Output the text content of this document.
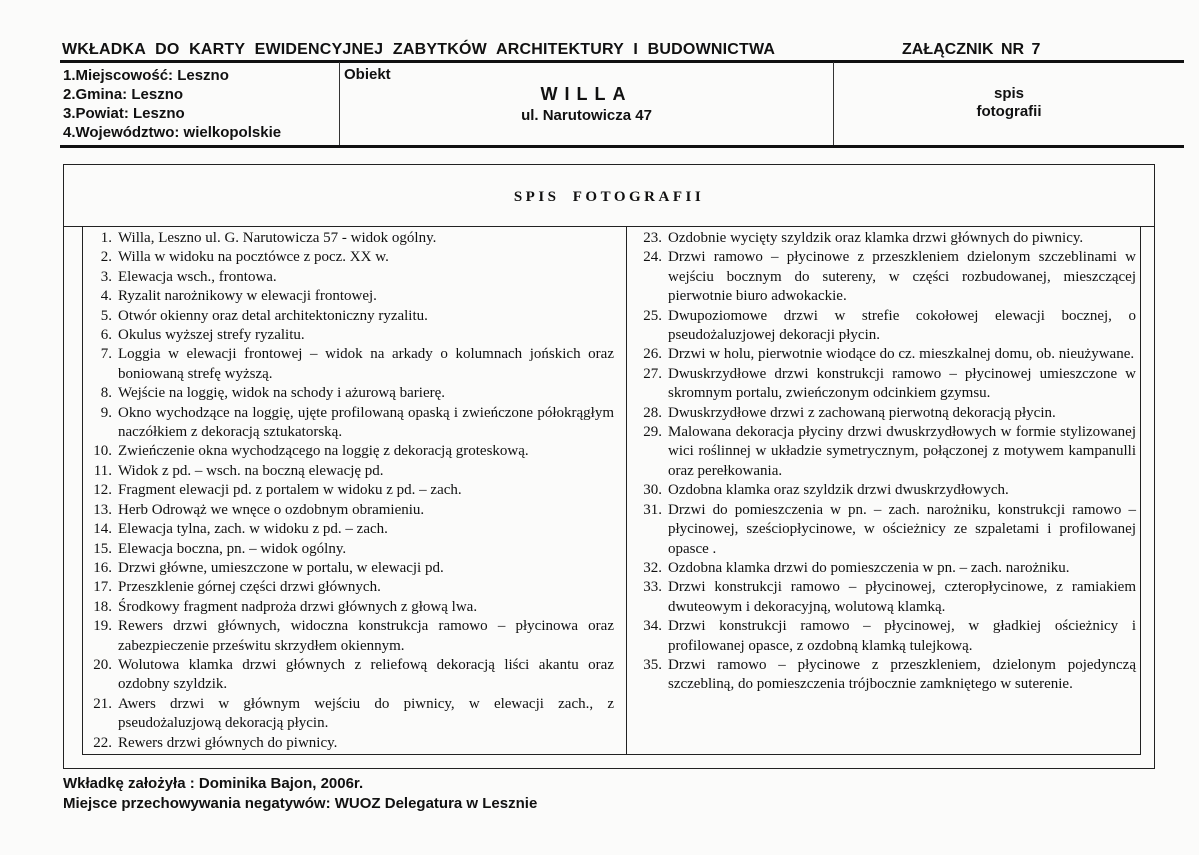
WKŁADKA DO KARTY EWIDENCYJNEJ ZABYTKÓW ARCHITEKTURY I BUDOWNICTWA	ZAŁĄCZNIK NR 7
1.Miejscowość: Leszno
2.Gmina: Leszno
3.Powiat: Leszno
4.Województwo: wielkopolskie
Obiekt
WILLA
ul. Narutowicza 47
spis
fotografii
SPIS FOTOGRAFII
1. Willa, Leszno ul. G. Narutowicza 57 - widok ogólny.
2. Willa w widoku na pocztówce z pocz. XX w.
3. Elewacja wsch., frontowa.
4. Ryzalit narożnikowy w elewacji frontowej.
5. Otwór okienny oraz detal architektoniczny ryzalitu.
6. Okulus wyższej strefy ryzalitu.
7. Loggia w elewacji frontowej – widok na arkady o kolumnach jońskich oraz boniowaną strefę wyższą.
8. Wejście na loggię, widok na schody i ażurową barierę.
9. Okno wychodzące na loggię, ujęte profilowaną opaską i zwieńczone półokrągłym naczółkiem z dekoracją sztukatorską.
10. Zwieńczenie okna wychodzącego na loggię z dekoracją groteskową.
11. Widok z pd. – wsch. na boczną elewację pd.
12. Fragment elewacji pd. z portalem w widoku z pd. – zach.
13. Herb Odrowąż we wnęce o ozdobnym obramieniu.
14. Elewacja tylna, zach. w widoku z pd. – zach.
15. Elewacja boczna, pn. – widok ogólny.
16. Drzwi główne, umieszczone w portalu, w elewacji pd.
17. Przeszklenie górnej części drzwi głównych.
18. Środkowy fragment nadproża drzwi głównych z głową lwa.
19. Rewers drzwi głównych, widoczna konstrukcja ramowo – płycinowa oraz zabezpieczenie prześwitu skrzydłem okiennym.
20. Wolutowa klamka drzwi głównych z reliefową dekoracją liści akantu oraz ozdobny szyldzik.
21. Awers drzwi w głównym wejściu do piwnicy, w elewacji zach., z pseudożaluzjową dekoracją płycin.
22. Rewers drzwi głównych do piwnicy.
23. Ozdobnie wycięty szyldzik oraz klamka drzwi głównych do piwnicy.
24. Drzwi ramowo – płycinowe z przeszkleniem dzielonym szczeblinami w wejściu bocznym do sutereny, w części rozbudowanej, mieszczącej pierwotnie biuro adwokackie.
25. Dwupoziomowe drzwi w strefie cokołowej elewacji bocznej, o pseudożaluzjowej dekoracji płycin.
26. Drzwi w holu, pierwotnie wiodące do cz. mieszkalnej domu, ob. nieużywane.
27. Dwuskrzydłowe drzwi konstrukcji ramowo – płycinowej umieszczone w skromnym portalu, zwieńczonym odcinkiem gzymsu.
28. Dwuskrzydłowe drzwi z zachowaną pierwotną dekoracją płycin.
29. Malowana dekoracja płyciny drzwi dwuskrzydłowych w formie stylizowanej wici roślinnej w układzie symetrycznym, połączonej z motywem kampanulli oraz perełkowania.
30. Ozdobna klamka oraz szyldzik drzwi dwuskrzydłowych.
31. Drzwi do pomieszczenia w pn. – zach. narożniku, konstrukcji ramowo – płycinowej, sześciopłycinowe, w ościeżnicy ze szpaletami i profilowanej opasce .
32. Ozdobna klamka drzwi do pomieszczenia w pn. – zach. narożniku.
33. Drzwi konstrukcji ramowo – płycinowej, czteropłycinowe, z ramiakiem dwuteowym i dekoracyjną, wolutową klamką.
34. Drzwi konstrukcji ramowo – płycinowej, w gładkiej ościeżnicy i profilowanej opasce, z ozdobną klamką tulejkową.
35. Drzwi ramowo – płycinowe z przeszkleniem, dzielonym pojedynczą szczebliną, do pomieszczenia trójbocznie zamkniętego w suterenie.
Wkładkę założyła : Dominika Bajon, 2006r.
Miejsce przechowywania negatywów: WUOZ Delegatura w Lesznie
